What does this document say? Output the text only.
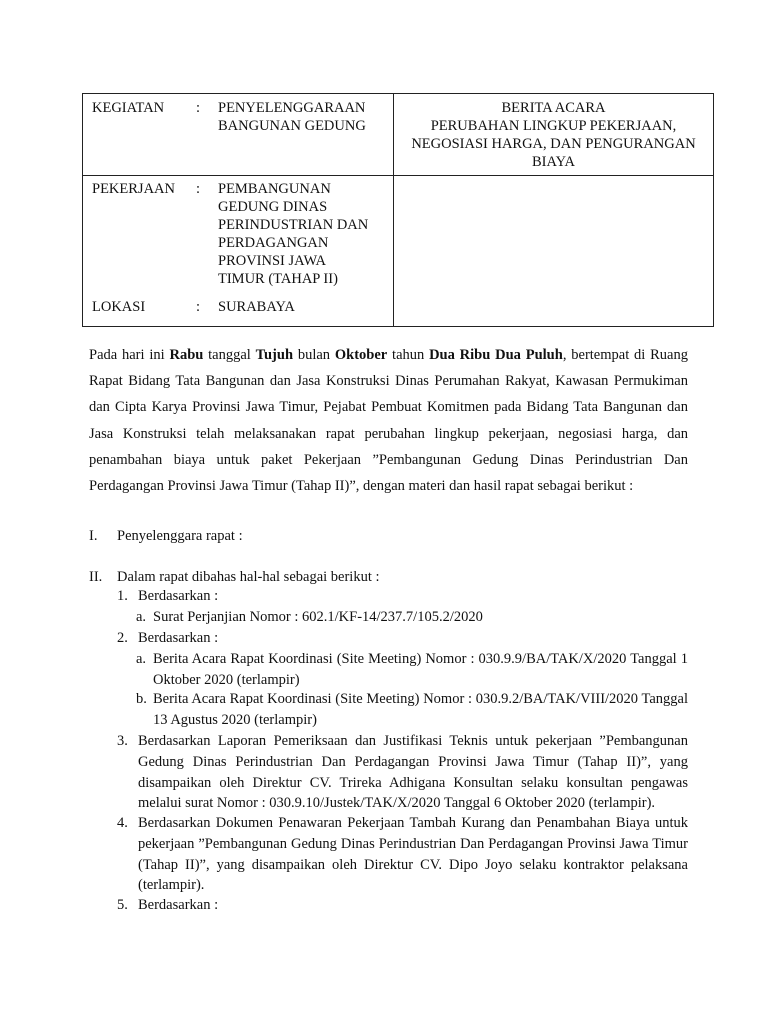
KEGIATAN : PENYELENGGARAAN
BANGUNAN GEDUNG
BERITA ACARA
PERUBAHAN LINGKUP PEKERJAAN,
NEGOSIASI HARGA, DAN PENGURANGAN
BIAYA
PEKERJAAN : PEMBANGUNAN
GEDUNG DINAS
PERINDUSTRIAN DAN
PERDAGANGAN
PROVINSI JAWA
TIMUR (TAHAP II)
LOKASI	: SURABAYA
Pada hari ini Rabu tanggal Tujuh bulan Oktober tahun Dua Ribu Dua Puluh, bertempat di Ruang Rapat Bidang Tata Bangunan dan Jasa Konstruksi Dinas Perumahan Rakyat, Kawasan Permukiman dan Cipta Karya Provinsi Jawa Timur, Pejabat Pembuat Komitmen pada Bidang Tata Bangunan dan Jasa Konstruksi telah melaksanakan rapat perubahan lingkup pekerjaan, negosiasi harga, dan penambahan biaya untuk paket Pekerjaan ”Pembangunan Gedung Dinas Perindustrian Dan Perdagangan Provinsi Jawa Timur (Tahap II)”, dengan materi dan hasil rapat sebagai berikut :
I. Penyelenggara rapat :
II. Dalam rapat dibahas hal-hal sebagai berikut :
1. Berdasarkan :
a. Surat Perjanjian Nomor : 602.1/KF-14/237.7/105.2/2020
2. Berdasarkan :
a. Berita Acara Rapat Koordinasi (Site Meeting) Nomor : 030.9.9/BA/TAK/X/2020 Tanggal 1 Oktober 2020 (terlampir)
b. Berita Acara Rapat Koordinasi (Site Meeting) Nomor : 030.9.2/BA/TAK/VIII/2020 Tanggal 13 Agustus 2020 (terlampir)
3. Berdasarkan Laporan Pemeriksaan dan Justifikasi Teknis untuk pekerjaan ”Pembangunan Gedung Dinas Perindustrian Dan Perdagangan Provinsi Jawa Timur (Tahap II)”, yang disampaikan oleh Direktur CV. Trireka Adhigana Konsultan selaku konsultan pengawas melalui surat Nomor : 030.9.10/Justek/TAK/X/2020 Tanggal 6 Oktober 2020 (terlampir).
4. Berdasarkan Dokumen Penawaran Pekerjaan Tambah Kurang dan Penambahan Biaya untuk pekerjaan ”Pembangunan Gedung Dinas Perindustrian Dan Perdagangan Provinsi Jawa Timur (Tahap II)”, yang disampaikan oleh Direktur CV. Dipo Joyo selaku kontraktor pelaksana (terlampir).
5. Berdasarkan :
